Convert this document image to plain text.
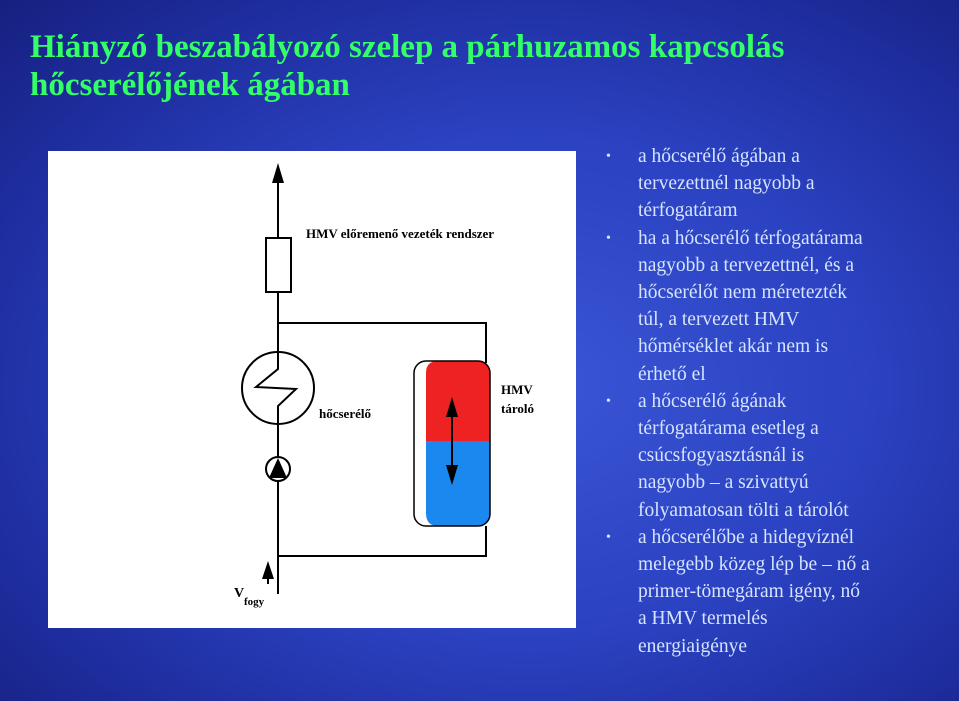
Hiányzó beszabályozó szelep a párhuzamos kapcsolás
hőcserélőjének ágában
HMV előremenő vezeték rendszer
hőcserélő
HMV
tároló
V
fogy
• a hőcserélő ágában a
tervezettnél nagyobb a
térfogatáram
• ha a hőcserélő térfogatárama
nagyobb a tervezettnél, és a
hőcserélőt nem méretezték
túl, a tervezett HMV
hőmérséklet akár nem is
érhető el
• a hőcserélő ágának
térfogatárama esetleg a
csúcsfogyasztásnál is
nagyobb – a szivattyú
folyamatosan tölti a tárolót
• a hőcserélőbe a hidegvíznél
melegebb közeg lép be – nő a
primer-tömegáram igény, nő
a HMV termelés
energiaigénye
